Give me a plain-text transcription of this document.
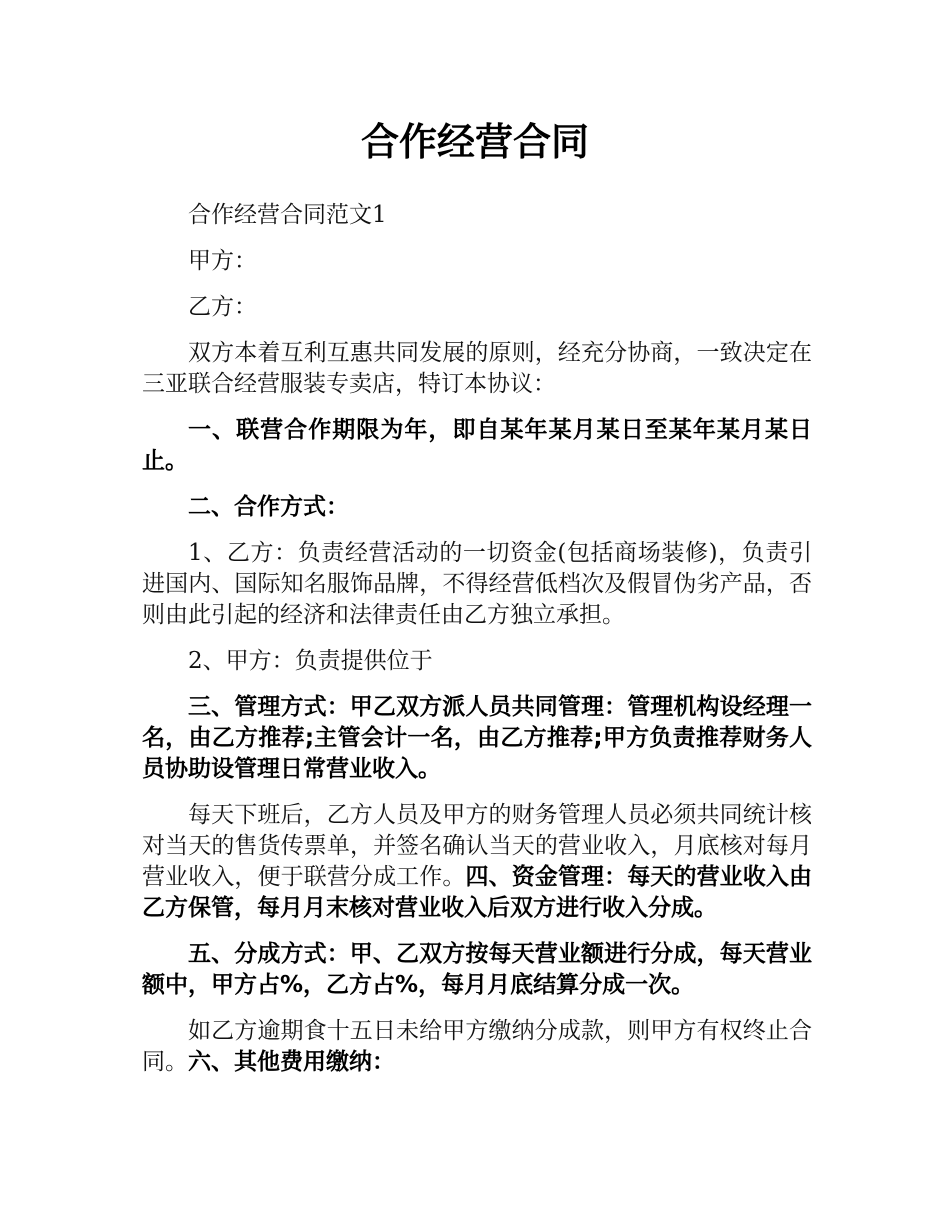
合作经营合同

合作经营合同范文1

甲方：

乙方：

双方本着互利互惠共同发展的原则，经充分协商，一致决定在三亚联合经营服装专卖店，特订本协议：

一、联营合作期限为年，即自某年某月某日至某年某月某日止。

二、合作方式：

1、乙方：负责经营活动的一切资金(包括商场装修)，负责引进国内、国际知名服饰品牌，不得经营低档次及假冒伪劣产品，否则由此引起的经济和法律责任由乙方独立承担。

2、甲方：负责提供位于

三、管理方式：甲乙双方派人员共同管理：管理机构设经理一名，由乙方推荐;主管会计一名，由乙方推荐;甲方负责推荐财务人员协助设管理日常营业收入。

每天下班后，乙方人员及甲方的财务管理人员必须共同统计核对当天的售货传票单，并签名确认当天的营业收入，月底核对每月营业收入，便于联营分成工作。四、资金管理：每天的营业收入由乙方保管，每月月末核对营业收入后双方进行收入分成。

五、分成方式：甲、乙双方按每天营业额进行分成，每天营业额中，甲方占%，乙方占%，每月月底结算分成一次。

如乙方逾期食十五日未给甲方缴纳分成款，则甲方有权终止合同。六、其他费用缴纳：
